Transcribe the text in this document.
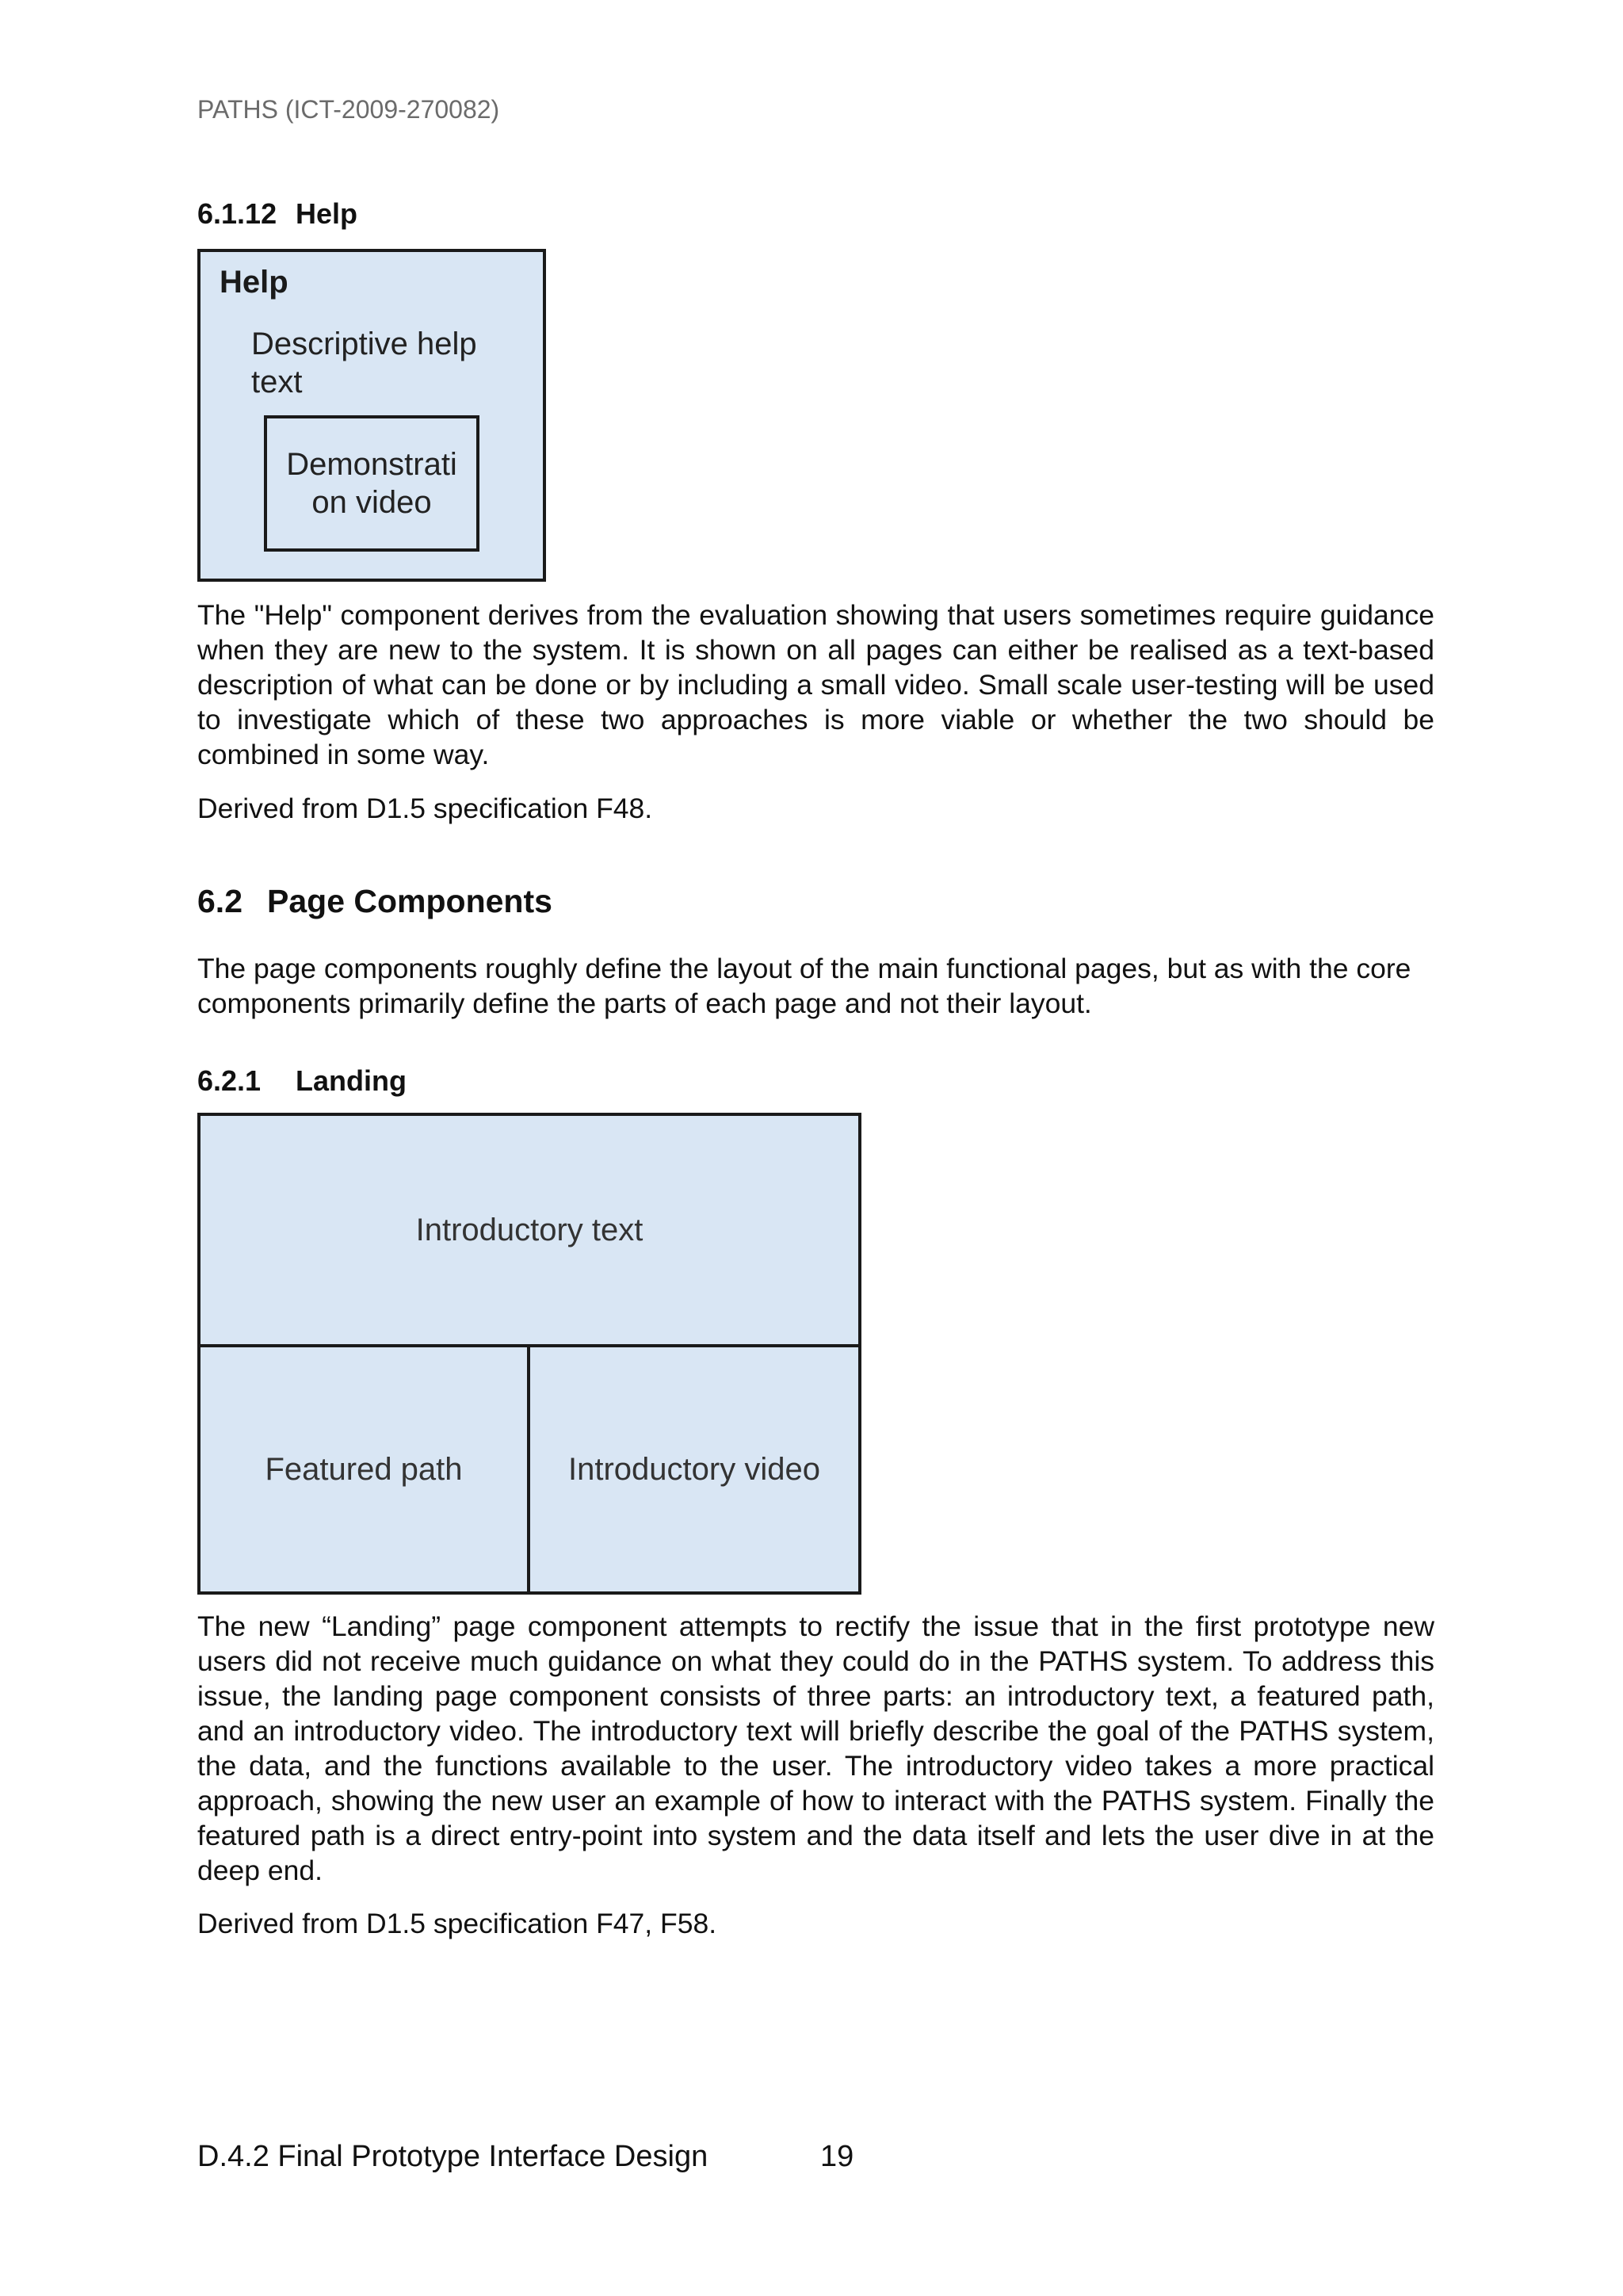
PATHS (ICT-2009-270082)
6.1.12 Help
Help
Descriptive help text
Demonstration video

The "Help" component derives from the evaluation showing that users sometimes require guidance when they are new to the system. It is shown on all pages can either be realised as a text-based description of what can be done or by including a small video. Small scale user-testing will be used to investigate which of these two approaches is more viable or whether the two should be combined in some way.

Derived from D1.5 specification F48.

6.2 Page Components

The page components roughly define the layout of the main functional pages, but as with the core components primarily define the parts of each page and not their layout.

6.2.1 Landing
Introductory text
Featured path	Introductory video

The new “Landing” page component attempts to rectify the issue that in the first prototype new users did not receive much guidance on what they could do in the PATHS system. To address this issue, the landing page component consists of three parts: an introductory text, a featured path, and an introductory video. The introductory text will briefly describe the goal of the PATHS system, the data, and the functions available to the user. The introductory video takes a more practical approach, showing the new user an example of how to interact with the PATHS system. Finally the featured path is a direct entry-point into system and the data itself and lets the user dive in at the deep end.

Derived from D1.5 specification F47, F58.

D.4.2 Final Prototype Interface Design	19
